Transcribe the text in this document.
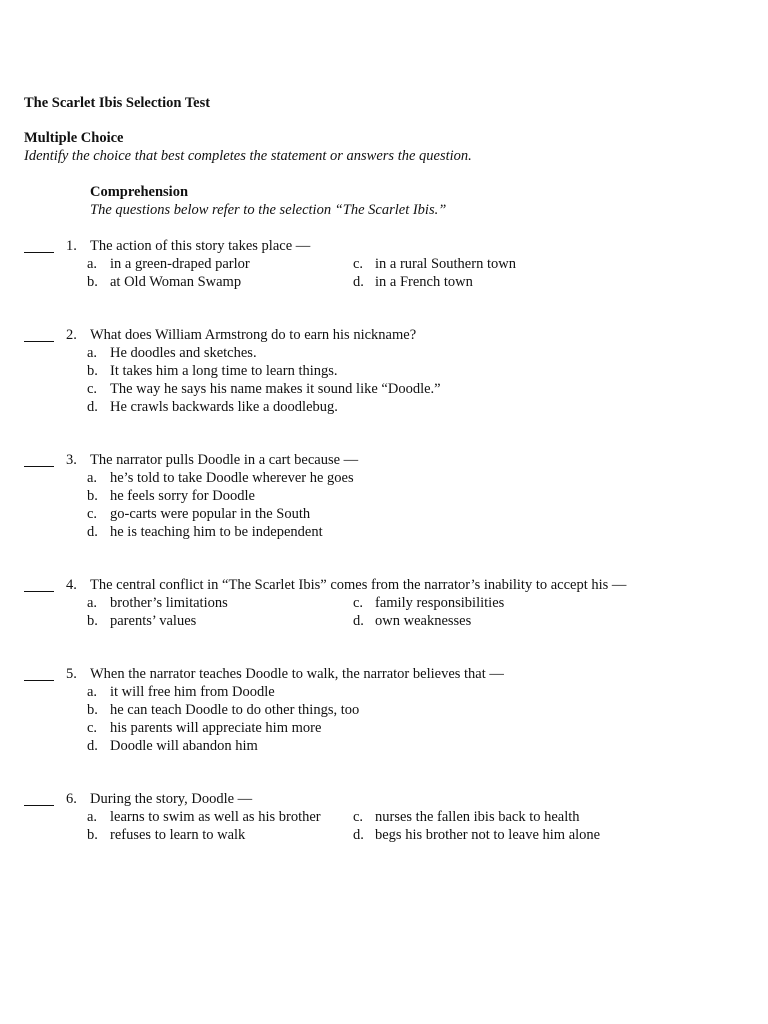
The Scarlet Ibis Selection Test
Multiple Choice
Identify the choice that best completes the statement or answers the question.
Comprehension
The questions below refer to the selection “The Scarlet Ibis.”
1. The action of this story takes place —
a. in a green-draped parlor	c. in a rural Southern town
b. at Old Woman Swamp	d. in a French town
2. What does William Armstrong do to earn his nickname?
a. He doodles and sketches.
b. It takes him a long time to learn things.
c. The way he says his name makes it sound like “Doodle.”
d. He crawls backwards like a doodlebug.
3. The narrator pulls Doodle in a cart because —
a. he’s told to take Doodle wherever he goes
b. he feels sorry for Doodle
c. go-carts were popular in the South
d. he is teaching him to be independent
4. The central conflict in “The Scarlet Ibis” comes from the narrator’s inability to accept his —
a. brother’s limitations	c. family responsibilities
b. parents’ values	d. own weaknesses
5. When the narrator teaches Doodle to walk, the narrator believes that —
a. it will free him from Doodle
b. he can teach Doodle to do other things, too
c. his parents will appreciate him more
d. Doodle will abandon him
6. During the story, Doodle —
a. learns to swim as well as his brother c. nurses the fallen ibis back to health
b. refuses to learn to walk	d. begs his brother not to leave him alone
